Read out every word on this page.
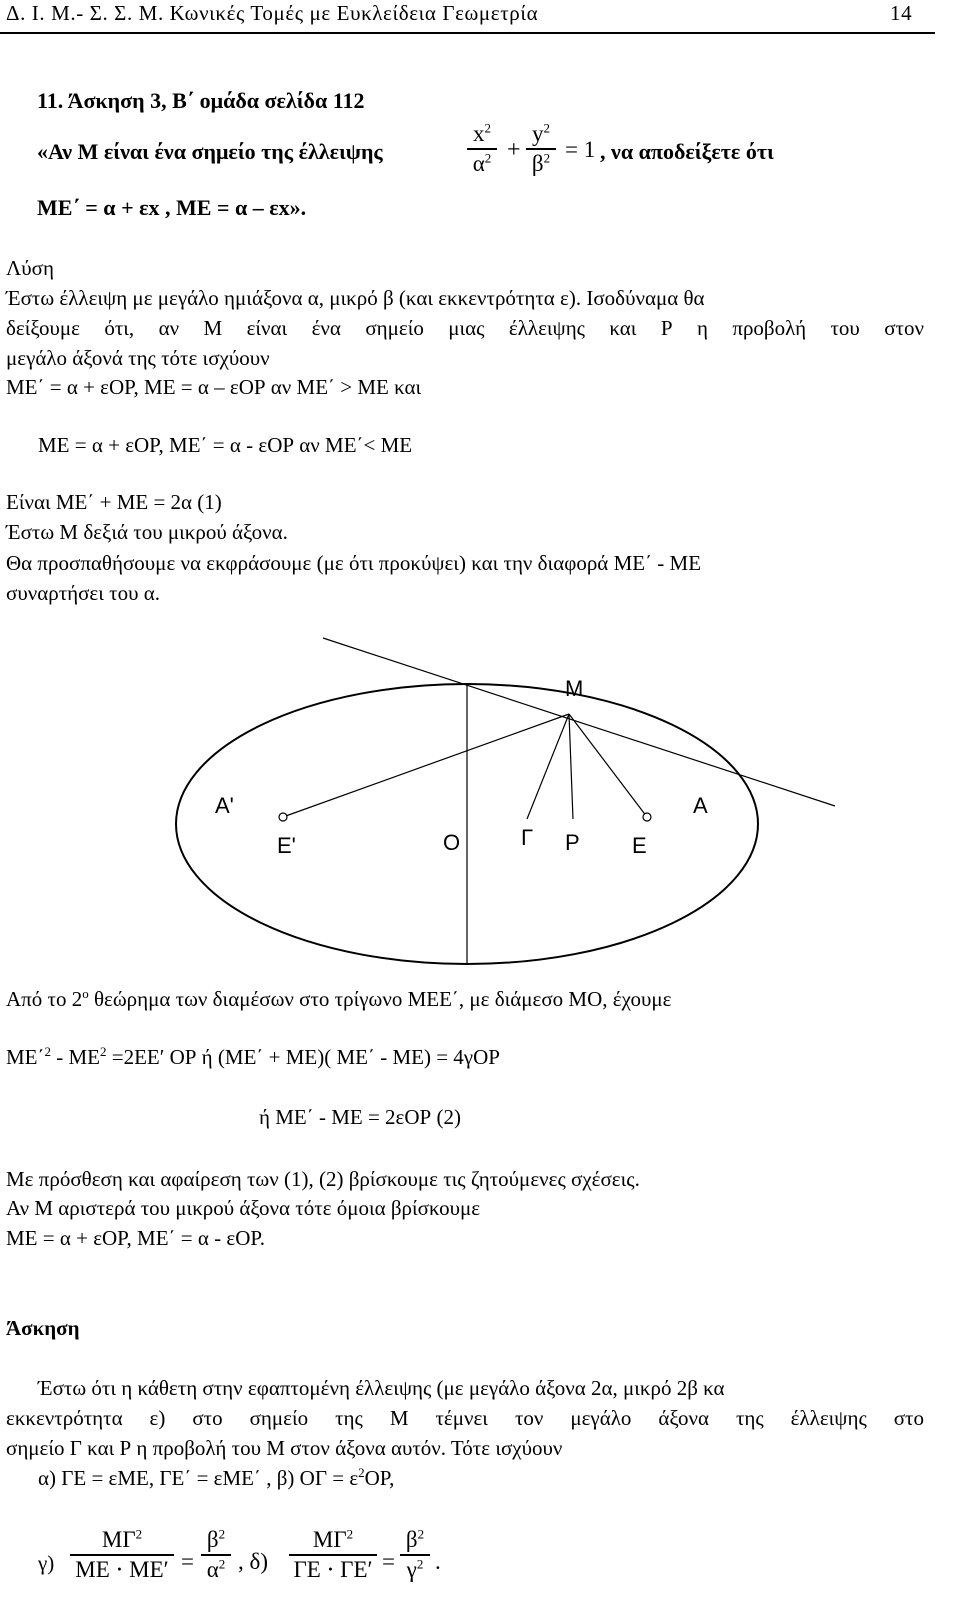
Δ. Ι. Μ.- Σ. Σ. Μ. Κωνικές Τομές με Ευκλείδεια Γεωμετρία	14
11. Άσκηση 3, Β΄ ομάδα σελίδα 112
«Αν Μ είναι ένα σημείο της έλλειψης
$x^2$
$\alpha^2$ +
$y^2$
$\beta^2 = 1$ , να αποδείξετε ότι
ΜΕ΄ = α + εx , ΜΕ = α – εx».
Λύση
Έστω έλλειψη με μεγάλο ημιάξονα α, μικρό β (και εκκεντρότητα ε). Ισοδύναμα θα
δείξουμε ότι, αν Μ είναι ένα σημείο μιας έλλειψης και Ρ η προβολή του στον
μεγάλο άξονά της τότε ισχύουν
ΜΕ΄ = α + εΟΡ, ΜΕ = α – εΟΡ αν ΜΕ΄ > ΜΕ και
ΜΕ = α + εΟΡ, ΜΕ΄ = α - εΟΡ αν ΜΕ΄< ΜΕ
Είναι ΜΕ΄ + ΜΕ = 2α (1)
Έστω Μ δεξιά του μικρού άξονα.
Θα προσπαθήσουμε να εκφράσουμε (με ότι προκύψει) και την διαφορά ΜΕ΄ - ΜΕ
συναρτήσει του α.
Μ
Α'	Α
Ε'	Ο	Γ Ρ Ε
Από το $2^o$ θεώρημα των διαμέσων στο τρίγωνο ΜΕΕ΄, με διάμεσο ΜΟ, έχουμε
$ME΄^2 - ME^2 =2EE'$ ΟΡ ή (ΜΕ΄ + ΜΕ)( ΜΕ΄ - ΜΕ) = 4γΟΡ
ή ΜΕ΄ - ΜΕ = 2εΟΡ (2)
Με πρόσθεση και αφαίρεση των (1), (2) βρίσκουμε τις ζητούμενες σχέσεις.
Αν Μ αριστερά του μικρού άξονα τότε όμοια βρίσκουμε
ΜΕ = α + εΟΡ, ΜΕ΄ = α - εΟΡ.
Άσκηση
Έστω ότι η κάθετη στην εφαπτομένη έλλειψης (με μεγάλο άξονα 2α, μικρό 2β κα
εκκεντρότητα ε) στο σημείο της Μ τέμνει τον μεγάλο άξονα της έλλειψης στο
σημείο Γ και Ρ η προβολή του Μ στον άξονα αυτόν. Τότε ισχύουν
α) ΓΕ = εΜΕ, ΓΕ΄ = εΜΕ΄ , β) $O\Gamma = \varepsilon^2OP$,
γ)
$M\Gamma^2$
ΜΕ ⋅ ΜΕ′ =
$\beta^2$
$\alpha^2$ , δ)
$M\Gamma^2$
ΓΕ ⋅ ΓΕ′ =
$\beta^2$
$\gamma^2$ .
